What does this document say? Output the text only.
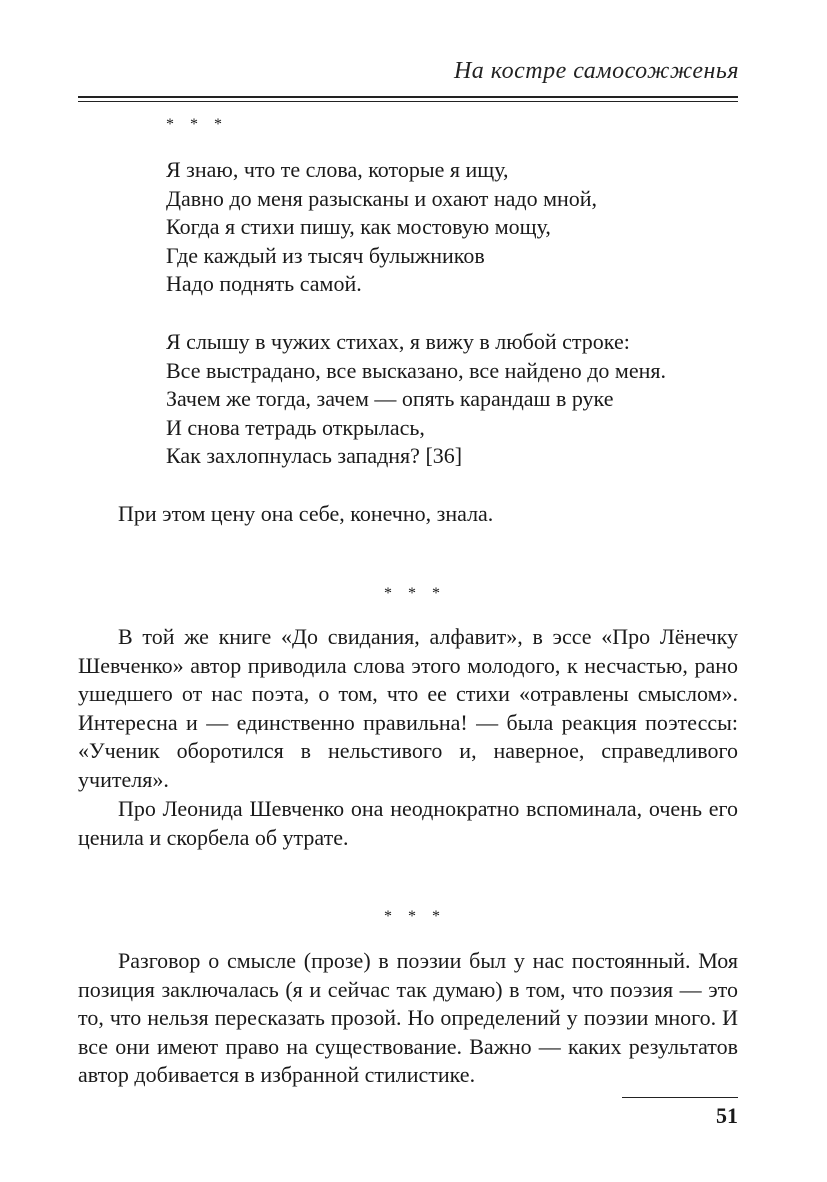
На костре самосожженья
* * *
Я знаю, что те слова, которые я ищу,
Давно до меня разысканы и охают надо мной,
Когда я стихи пишу, как мостовую мощу,
Где каждый из тысяч булыжников
Надо поднять самой.
Я слышу в чужих стихах, я вижу в любой строке:
Все выстрадано, все высказано, все найдено до меня.
Зачем же тогда, зачем — опять карандаш в руке
И снова тетрадь открылась,
Как захлопнулась западня? [36]

При этом цену она себе, конечно, знала.

* * *

В той же книге «До свидания, алфавит», в эссе «Про Лёнечку Шевченко» автор приводила слова этого молодого, к несчастью, рано ушедшего от нас поэта, о том, что ее стихи «отравлены смыслом». Интересна и — единственно правильна! — была реакция поэтессы: «Ученик оборотился в нельстивого и, наверное, справедливого учителя».

Про Леонида Шевченко она неоднократно вспоминала, очень его ценила и скорбела об утрате.

* * *

Разговор о смысле (прозе) в поэзии был у нас постоянный. Моя позиция заключалась (я и сейчас так думаю) в том, что поэзия — это то, что нельзя пересказать прозой. Но определений у поэзии много. И все они имеют право на существование. Важно — каких результатов автор добивается в избранной стилистике.

51
